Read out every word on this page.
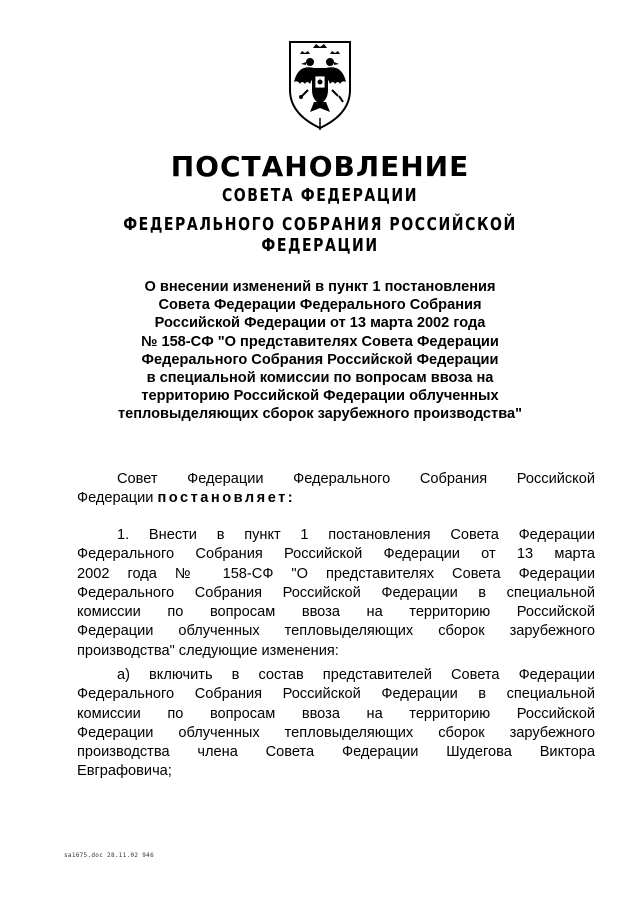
ПОСТАНОВЛЕНИЕ
СОВЕТА ФЕДЕРАЦИИ
ФЕДЕРАЛЬНОГО СОБРАНИЯ РОССИЙСКОЙ ФЕДЕРАЦИИ
О внесении изменений в пункт 1 постановления
Совета Федерации Федерального Собрания
Российской Федерации от 13 марта 2002 года
№ 158-СФ "О представителях Совета Федерации
Федерального Собрания Российской Федерации
в специальной комиссии по вопросам ввоза на
территорию Российской Федерации облученных
тепловыделяющих сборок зарубежного производства"
Совет Федерации Федерального Собрания Российской
Федерации постановляет:
1. Внести в пункт 1 постановления Совета Федерации
Федерального Собрания Российской Федерации от 13 марта
2002 года № 158-СФ "О представителях Совета Федерации
Федерального Собрания Российской Федерации в специальной
комиссии по вопросам ввоза на территорию Российской
Федерации облученных тепловыделяющих сборок зарубежного
производства" следующие изменения:
а) включить в состав представителей Совета Федерации
Федерального Собрания Российской Федерации в специальной
комиссии по вопросам ввоза на территорию Российской
Федерации облученных тепловыделяющих сборок зарубежного
производства члена Совета Федерации Шудегова Виктора
Евграфовича;
sa1675.doc 28.11.02 946
